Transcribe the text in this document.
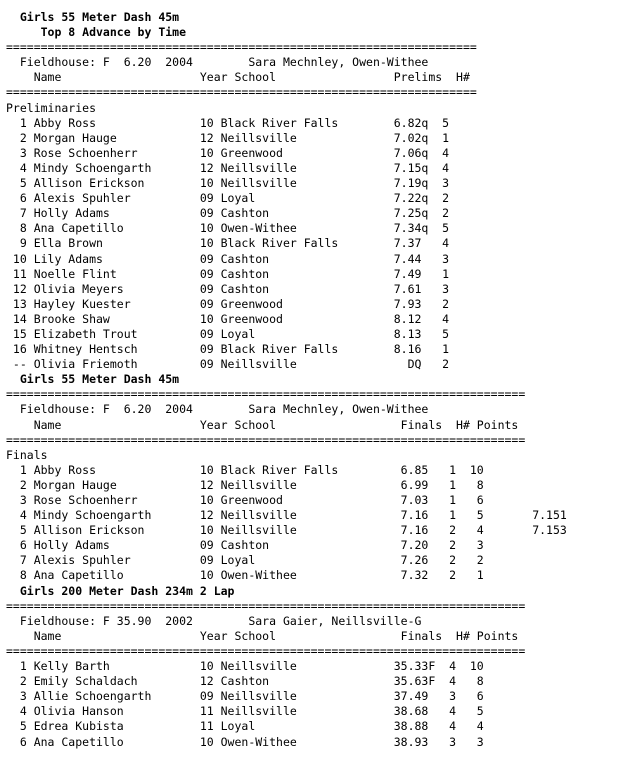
Girls 55 Meter Dash 45m
Top 8 Advance by Time
====================================================================
Fieldhouse: F  6.20  2004        Sara Mechnley, Owen-Withee
Name                    Year School                 Prelims  H#
====================================================================
Preliminaries
1 Abby Ross               10 Black River Falls        6.82q  5
2 Morgan Hauge            12 Neillsville              7.02q  1
3 Rose Schoenherr         10 Greenwood                7.06q  4
4 Mindy Schoengarth       12 Neillsville              7.15q  4
5 Allison Erickson        10 Neillsville              7.19q  3
6 Alexis Spuhler          09 Loyal                    7.22q  2
7 Holly Adams             09 Cashton                  7.25q  2
8 Ana Capetillo           10 Owen-Withee              7.34q  5
9 Ella Brown              10 Black River Falls        7.37   4
10 Lily Adams              09 Cashton                  7.44   3
11 Noelle Flint            09 Cashton                  7.49   1
12 Olivia Meyers           09 Cashton                  7.61   3
13 Hayley Kuester          09 Greenwood                7.93   2
14 Brooke Shaw             10 Greenwood                8.12   4
15 Elizabeth Trout         09 Loyal                    8.13   5
16 Whitney Hentsch         09 Black River Falls        8.16   1
-- Olivia Friemoth         09 Neillsville                DQ   2
Girls 55 Meter Dash 45m
===========================================================================
Fieldhouse: F  6.20  2004        Sara Mechnley, Owen-Withee
Name                    Year School                  Finals  H# Points
===========================================================================
Finals
1 Abby Ross               10 Black River Falls         6.85   1  10
2 Morgan Hauge            12 Neillsville               6.99   1   8
3 Rose Schoenherr         10 Greenwood                 7.03   1   6
4 Mindy Schoengarth       12 Neillsville               7.16   1   5       7.151
5 Allison Erickson        10 Neillsville               7.16   2   4       7.153
6 Holly Adams             09 Cashton                   7.20   2   3
7 Alexis Spuhler          09 Loyal                     7.26   2   2
8 Ana Capetillo           10 Owen-Withee               7.32   2   1
Girls 200 Meter Dash 234m 2 Lap
===========================================================================
Fieldhouse: F 35.90  2002        Sara Gaier, Neillsville-G
Name                    Year School                  Finals  H# Points
===========================================================================
1 Kelly Barth             10 Neillsville              35.33F  4  10
2 Emily Schaldach         12 Cashton                  35.63F  4   8
3 Allie Schoengarth       09 Neillsville              37.49   3   6
4 Olivia Hanson           11 Neillsville              38.68   4   5
5 Edrea Kubista           11 Loyal                    38.88   4   4
6 Ana Capetillo           10 Owen-Withee              38.93   3   3
